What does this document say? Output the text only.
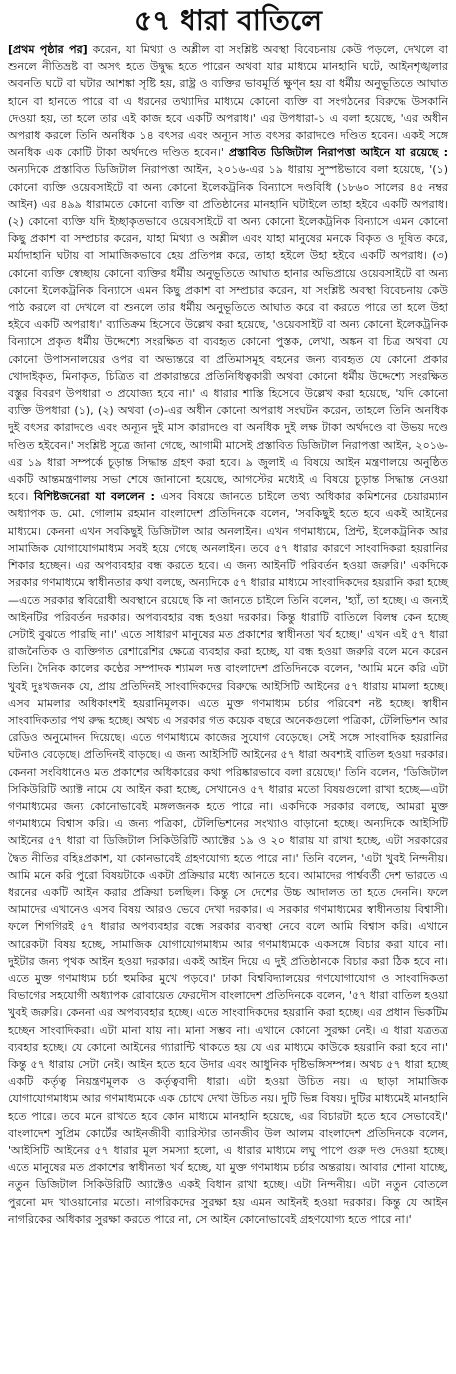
৫৭ ধারা বাতিলে

[প্রথম পৃষ্ঠার পর] করেন, যা মিথ্যা ও অশ্লীল বা সংশ্লিষ্ট অবস্থা বিবেচনায় কেউ পড়লে, দেখলে বা শুনলে নীতিভ্রষ্ট বা অসৎ হতে উদ্বুদ্ধ হতে পারেন অথবা যার মাধ্যমে মানহানি ঘটে, আইনশৃঙ্খলার অবনতি ঘটে বা ঘটার আশঙ্কা সৃষ্টি হয়, রাষ্ট্র ও ব্যক্তির ভাবমূর্তি ক্ষুণ্ন হয় বা ধর্মীয় অনুভূতিতে আঘাত হানে বা হানতে পারে বা এ ধরনের তথ্যাদির মাধ্যমে কোনো ব্যক্তি বা সংগঠনের বিরুদ্ধে উসকানি দেওয়া হয়, তা হলে তার এই কাজ হবে একটি অপরাধ।' এর উপধারা-১ এ বলা হয়েছে, 'এর অধীন অপরাধ করলে তিনি অনধিক ১৪ বৎসর এবং অন্যূন সাত বৎসর কারাদণ্ডে দণ্ডিত হবেন। একই সঙ্গে অনধিক এক কোটি টাকা অর্থদণ্ডে দণ্ডিত হবেন।' প্রস্তাবিত ডিজিটাল নিরাপত্তা আইনে যা রয়েছে : অন্যদিকে প্রস্তাবিত ডিজিটাল নিরাপত্তা আইন, ২০১৬-এর ১৯ ধারায় সুস্পষ্টভাবে বলা হয়েছে, '(১) কোনো ব্যক্তি ওয়েবসাইটে বা অন্য কোনো ইলেকট্রনিক বিন্যাসে দণ্ডবিধি (১৮৬০ সালের ৪৫ নম্বর আইন) এর ৪৯৯ ধারামতে কোনো ব্যক্তি বা প্রতিষ্ঠানের মানহানি ঘটাইলে তাহা হইবে একটি অপরাধ। (২) কোনো ব্যক্তি যদি ইচ্ছাকৃতভাবে ওয়েবসাইটে বা অন্য কোনো ইলেকট্রনিক বিন্যাসে এমন কোনো কিছু প্রকাশ বা সম্প্রচার করেন, যাহা মিথ্যা ও অশ্লীল এবং যাহা মানুষের মনকে বিকৃত ও দূষিত করে, মর্যাদাহানি ঘটায় বা সামাজিকভাবে হেয় প্রতিপন্ন করে, তাহা হইলে উহা হইবে একটি অপরাধ। (৩) কোনো ব্যক্তি স্বেচ্ছায় কোনো ব্যক্তির ধর্মীয় অনুভূতিতে আঘাত হানার অভিপ্রায়ে ওয়েবসাইটে বা অন্য কোনো ইলেকট্রনিক বিন্যাসে এমন কিছু প্রকাশ বা সম্প্রচার করেন, যা সংশ্লিষ্ট অবস্থা বিবেচনায় কেউ পাঠ করলে বা দেখলে বা শুনলে তার ধর্মীয় অনুভূতিতে আঘাত করে বা করতে পারে তা হলে উহা হইবে একটি অপরাধ।' ব্যাতিক্রম হিসেবে উল্লেখ করা হয়েছে, 'ওয়েবসাইট বা অন্য কোনো ইলেকট্রনিক বিন্যাসে প্রকৃত ধর্মীয় উদ্দেশ্যে সংরক্ষিত বা ব্যবহৃত কোনো পুস্তক, লেখা, অঙ্কন বা চিত্র অথবা যে কোনো উপাসনালয়ের ওপর বা অভ্যন্তরে বা প্রতিমাসমূহ বহনের জন্য ব্যবহৃত যে কোনো প্রকার খোদাইকৃত, মিনাকৃত, চিত্রিত বা প্রকারান্তরে প্রতিনিধিত্বকারী অথবা কোনো ধর্মীয় উদ্দেশ্যে সংরক্ষিত বস্তুর বিবরণ উপধারা ৩ প্রযোজ্য হবে না।' এ ধারার শাস্তি হিসেবে উল্লেখ করা হয়েছে, 'যদি কোনো ব্যক্তি উপধারা (১), (২) অথবা (৩)-এর অধীন কোনো অপরাধ সংঘটন করেন, তাহলে তিনি অনধিক দুই বৎসর কারাদণ্ডে এবং অন্যূন দুই মাস কারাদণ্ডে বা অনধিক দুই লক্ষ টাকা অর্থদণ্ডে বা উভয় দণ্ডে দণ্ডিত হইবেন।' সংশ্লিষ্ট সূত্রে জানা গেছে, আগামী মাসেই প্রস্তাবিত ডিজিটাল নিরাপত্তা আইন, ২০১৬-এর ১৯ ধারা সম্পর্কে চূড়ান্ত সিদ্ধান্ত গ্রহণ করা হবে। ৯ জুলাই এ বিষয়ে আইন মন্ত্রণালয়ে অনুষ্ঠিত একটি আন্তমন্ত্রণালয় সভা শেষে জানানো হয়েছে, আগস্টের মধ্যেই এ বিষয়ে চূড়ান্ত সিদ্ধান্ত নেওয়া হবে। বিশিষ্টজনেরা যা বললেন : এসব বিষয়ে জানতে চাইলে তথ্য অধিকার কমিশনের চেয়ারম্যান অধ্যাপক ড. মো. গোলাম রহমান বাংলাদেশ প্রতিদিনকে বলেন, 'সবকিছুই হতে হবে একই আইনের মাধ্যমে। কেননা এখন সবকিছুই ডিজিটাল আর অনলাইন। এখন গণমাধ্যমে, প্রিন্ট, ইলেকট্রনিক আর সামাজিক যোগাযোগমাধ্যম সবই হয়ে গেছে অনলাইন। তবে ৫৭ ধারার কারণে সাংবাদিকরা হয়রানির শিকার হচ্ছেন। এর অপব্যবহার বন্ধ করতে হবে। এ জন্য আইনটি পরিবর্তন হওয়া জরুরি।' একদিকে সরকার গণমাধ্যমে স্বাধীনতার কথা বলছে, অন্যদিকে ৫৭ ধারার মাধ্যমে সাংবাদিকদের হয়রানি করা হচ্ছে—এতে সরকার স্ববিরোধী অবস্থানে রয়েছে কি না জানতে চাইলে তিনি বলেন, 'হ্যাঁ, তা হচ্ছে। এ জন্যই আইনটির পরিবর্তন দরকার। অপব্যবহার বন্ধ হওয়া দরকার। কিন্তু ধারাটি বাতিলে বিলম্ব কেন হচ্ছে সেটাই বুঝতে পারছি না।' এতে সাধারণ মানুষের মত প্রকাশের স্বাধীনতা খর্ব হচ্ছে।' এখন এই ৫৭ ধারা রাজনৈতিক ও ব্যক্তিগত রেশারেশির ক্ষেত্রে ব্যবহার করা হচ্ছে, যা বন্ধ হওয়া জরুরি বলে মনে করেন তিনি। দৈনিক কালের কণ্ঠের সম্পাদক শ্যামল দত্ত বাংলাদেশ প্রতিদিনকে বলেন, 'আমি মনে করি এটা খুবই দুঃখজনক যে, প্রায় প্রতিদিনই সাংবাদিকদের বিরুদ্ধে আইসিটি আইনের ৫৭ ধারায় মামলা হচ্ছে। এসব মামলার অধিকাংশই হয়রানিমূলক। এতে মুক্ত গণমাধ্যম চর্চার পরিবেশ নষ্ট হচ্ছে। স্বাধীন সাংবাদিকতার পথ রুদ্ধ হচ্ছে। অথচ এ সরকার গত কয়েক বছরে অনেকগুলো পত্রিকা, টেলিভিশন আর রেডিও অনুমোদন দিয়েছে। এতে গণমাধ্যমে কাজের সুযোগ বেড়েছে। সেই সঙ্গে সাংবাদিক হয়রানির ঘটনাও বেড়েছে। প্রতিদিনই বাড়ছে। এ জন্য আইসিটি আইনের ৫৭ ধারা অবশ্যই বাতিল হওয়া দরকার। কেননা সংবিধানেও মত প্রকাশের অধিকারের কথা পরিষ্কারভাবে বলা রয়েছে।' তিনি বলেন, 'ডিজিটাল সিকিউরিটি অ্যাক্ট নামে যে আইন করা হচ্ছে, সেখানেও ৫৭ ধারার মতো বিষয়গুলো রাখা হচ্ছে—এটা গণমাধ্যমের জন্য কোনোভাবেই মঙ্গলজনক হতে পারে না। একদিকে সরকার বলছে, আমরা মুক্ত গণমাধ্যমে বিশ্বাস করি। এ জন্য পত্রিকা, টেলিভিশনের সংখ্যাও বাড়ানো হচ্ছে। অন্যদিকে আইসিটি আইনের ৫৭ ধারা বা ডিজিটাল সিকিউরিটি অ্যাক্টের ১৯ ও ২০ ধারায় যা রাখা হচ্ছে, এটা সরকারের দ্বৈত নীতির বহিঃপ্রকাশ, যা কোনভাবেই গ্রহণযোগ্য হতে পারে না।' তিনি বলেন, 'এটা খুবই নিন্দনীয়। আমি মনে করি পুরো বিষয়টাকে একটা প্রক্রিয়ার মধ্যে আনতে হবে। আমাদের পার্শ্ববর্তী দেশ ভারতে এ ধরনের একটি আইন করার প্রক্রিয়া চলছিল। কিন্তু সে দেশের উচ্চ আদালত তা হতে দেননি। ফলে আমাদের এখানেও এসব বিষয় আরও ভেবে দেখা দরকার। এ সরকার গণমাধ্যমের স্বাধীনতায় বিশ্বাসী। ফলে শিগগিরই ৫৭ ধারার অপব্যবহার বন্ধে সরকার ব্যবস্থা নেবে বলে আমি বিশ্বাস করি। এখানে আরেকটা বিষয় হচ্ছে, সামাজিক যোগাযোগমাধ্যম আর গণমাধ্যমকে একসঙ্গে বিচার করা যাবে না। দুইটার জন্য পৃথক আইন হওয়া দরকার। একই আইন দিয়ে এ দুই প্রতিষ্ঠানকে বিচার করা ঠিক হবে না। এতে মুক্ত গণমাধ্যম চর্চা হুমকির মুখে পড়বে।' ঢাকা বিশ্ববিদ্যালয়ের গণযোগাযোগ ও সাংবাদিকতা বিভাগের সহযোগী অধ্যাপক রোবায়েত ফেরদৌস বাংলাদেশ প্রতিদিনকে বলেন, '৫৭ ধারা বাতিল হওয়া খুবই জরুরি। কেননা এর অপব্যবহার হচ্ছে। এতে সাংবাদিকদের হয়রানি করা হচ্ছে। এর প্রধান ভিকটিম হচ্ছেন সাংবাদিকরা। এটা মানা যায় না। মানা সম্ভব না। এখানে কোনো সুরক্ষা নেই। এ ধারা যত্রতত্র ব্যবহার হচ্ছে। যে কোনো আইনের গ্যারান্টি থাকতে হয় যে এর মাধ্যমে কাউকে হয়রানি করা হবে না।' কিন্তু ৫৭ ধারায় সেটা নেই। আইন হতে হবে উদার এবং আধুনিক দৃষ্টিভঙ্গিসম্পন্ন। অথচ ৫৭ ধারা হচ্ছে একটি কর্তৃত্ব নিয়ন্ত্রণমূলক ও কর্তৃত্ববাদী ধারা। এটা হওয়া উচিত নয়। এ ছাড়া সামাজিক যোগাযোগমাধ্যম আর গণমাধ্যমকে এক চোখে দেখা উচিত নয়। দুটি ভিন্ন বিষয়। দুটির মাধ্যমেই মানহানি হতে পারে। তবে মনে রাখতে হবে কোন মাধ্যমে মানহানি হয়েছে, এর বিচারটা হতে হবে সেভাবেই।' বাংলাদেশ সুপ্রিম কোর্টের আইনজীবী ব্যারিস্টার তানজীব উল আলম বাংলাদেশ প্রতিদিনকে বলেন, 'আইসিটি আইনের ৫৭ ধারার মূল সমস্যা হলো, এ ধারার মাধ্যমে লঘু পাপে গুরু দণ্ড দেওয়া হচ্ছে। এতে মানুষের মত প্রকাশের স্বাধীনতা খর্ব হচ্ছে, যা মুক্ত গণমাধ্যম চর্চার অন্তরায়। আবার শোনা যাচ্ছে, নতুন ডিজিটাল সিকিউরিটি অ্যাক্টেও একই বিধান রাখা হচ্ছে। এটা নিন্দনীয়। এটা নতুন বোতলে পুরনো মদ খাওয়ানোর মতো। নাগরিকদের সুরক্ষা হয় এমন আইনই হওয়া দরকার। কিন্তু যে আইন নাগরিকের অধিকার সুরক্ষা করতে পারে না, সে আইন কোনোভাবেই গ্রহণযোগ্য হতে পারে না।'
